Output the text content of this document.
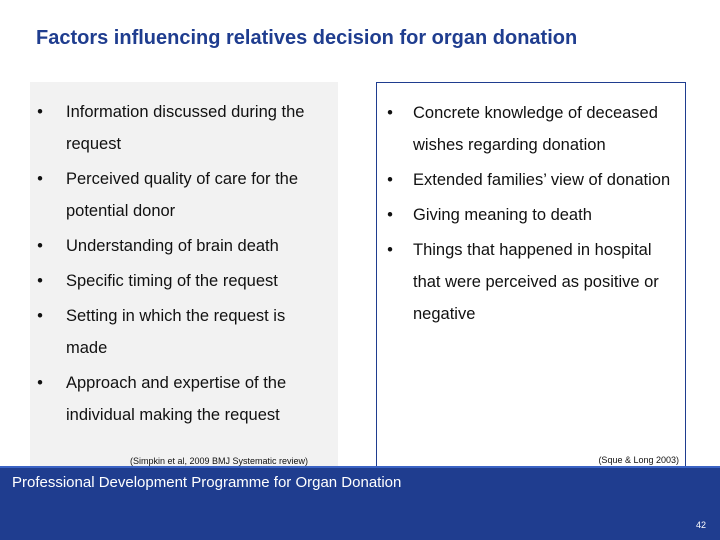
Factors influencing relatives decision for organ donation
• Information discussed during the request
• Perceived quality of care for the potential donor
• Understanding of brain death
• Specific timing of the request
• Setting in which the request is made
• Approach and expertise of the individual making the request
(Simpkin et al, 2009 BMJ Systematic review)
• Concrete knowledge of deceased wishes regarding donation
• Extended families’ view of donation
• Giving meaning to death
• Things that happened in hospital that were perceived as positive or negative
(Sque & Long 2003)
Professional Development Programme for Organ Donation
42
